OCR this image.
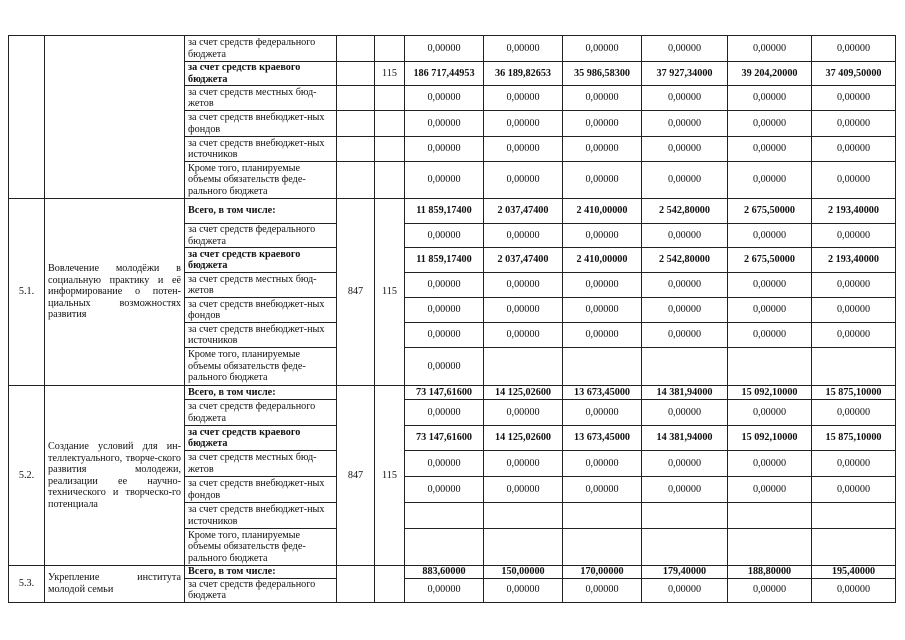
		за счет средств федерального бюджета			0,00000	0,00000	0,00000	0,00000	0,00000	0,00000
		за счет средств краевого бюджета		115	186 717,44953	36 189,82653	35 986,58300	37 927,34000	39 204,20000	37 409,50000
		за счет средств местных бюд-жетов			0,00000	0,00000	0,00000	0,00000	0,00000	0,00000
		за счет средств внебюджет-ных фондов			0,00000	0,00000	0,00000	0,00000	0,00000	0,00000
		за счет средств внебюджет-ных источников			0,00000	0,00000	0,00000	0,00000	0,00000	0,00000
		Кроме того, планируемые объемы обязательств феде-рального бюджета			0,00000	0,00000	0,00000	0,00000	0,00000	0,00000
5.1.	Вовлечение молодёжи в социальную практику и её информирование о потен-циальных возможностях развития	Всего, в том числе:	847	115	11 859,17400	2 037,47400	2 410,00000	2 542,80000	2 675,50000	2 193,40000
		за счет средств федерального бюджета			0,00000	0,00000	0,00000	0,00000	0,00000	0,00000
		за счет средств краевого бюджета			11 859,17400	2 037,47400	2 410,00000	2 542,80000	2 675,50000	2 193,40000
		за счет средств местных бюд-жетов			0,00000	0,00000	0,00000	0,00000	0,00000	0,00000
		за счет средств внебюджет-ных фондов			0,00000	0,00000	0,00000	0,00000	0,00000	0,00000
		за счет средств внебюджет-ных источников			0,00000	0,00000	0,00000	0,00000	0,00000	0,00000
		Кроме того, планируемые объемы обязательств феде-рального бюджета			0,00000					
5.2.	Создание условий для ин-теллектуального, творче-ского развития молодежи, реализации ее научно-технического и творческо-го потенциала	Всего, в том числе:	847	115	73 147,61600	14 125,02600	13 673,45000	14 381,94000	15 092,10000	15 875,10000
		за счет средств федерального бюджета			0,00000	0,00000	0,00000	0,00000	0,00000	0,00000
		за счет средств краевого бюджета			73 147,61600	14 125,02600	13 673,45000	14 381,94000	15 092,10000	15 875,10000
		за счет средств местных бюд-жетов			0,00000	0,00000	0,00000	0,00000	0,00000	0,00000
		за счет средств внебюджет-ных фондов			0,00000	0,00000	0,00000	0,00000	0,00000	0,00000
		за счет средств внебюджет-ных источников								
		Кроме того, планируемые объемы обязательств феде-рального бюджета								
5.3.	Укрепление института молодой семьи	Всего, в том числе:			883,60000	150,00000	170,00000	179,40000	188,80000	195,40000
		за счет средств федерального бюджета			0,00000	0,00000	0,00000	0,00000	0,00000	0,00000
